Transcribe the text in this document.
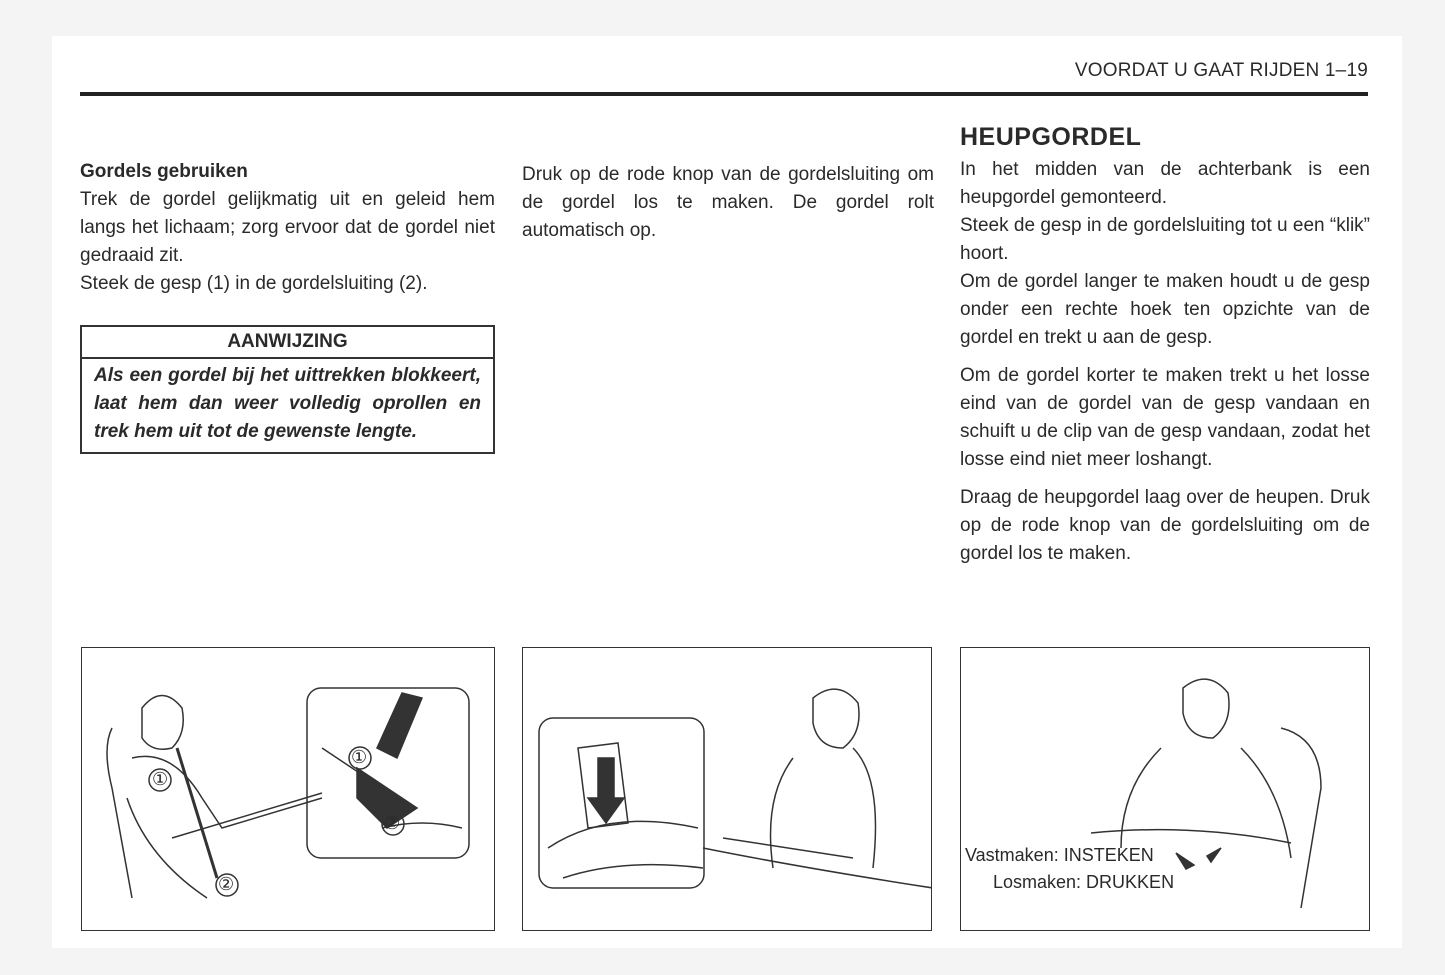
VOORDAT U GAAT RIJDEN 1–19
Gordels gebruiken

Trek de gordel gelijkmatig uit en geleid hem langs het lichaam; zorg ervoor dat de gordel niet gedraaid zit.

Steek de gesp (1) in de gordelsluiting (2).

AANWIJZING
Als een gordel bij het uittrekken blokkeert, laat hem dan weer volledig oprollen en trek hem uit tot de gewenste lengte.

Druk op de rode knop van de gordelsluiting om de gordel los te maken. De gordel rolt automatisch op.

HEUPGORDEL

In het midden van de achterbank is een heupgordel gemonteerd.

Steek de gesp in de gordelsluiting tot u een “klik” hoort.

Om de gordel langer te maken houdt u de gesp onder een rechte hoek ten opzichte van de gordel en trekt u aan de gesp.

Om de gordel korter te maken trekt u het losse eind van de gordel van de gesp vandaan en schuift u de clip van de gesp vandaan, zodat het losse eind niet meer loshangt.

Draag de heupgordel laag over de heupen. Druk op de rode knop van de gordelsluiting om de gordel los te maken.

①
②
①
②
Vastmaken: INSTEKEN
Losmaken: DRUKKEN
